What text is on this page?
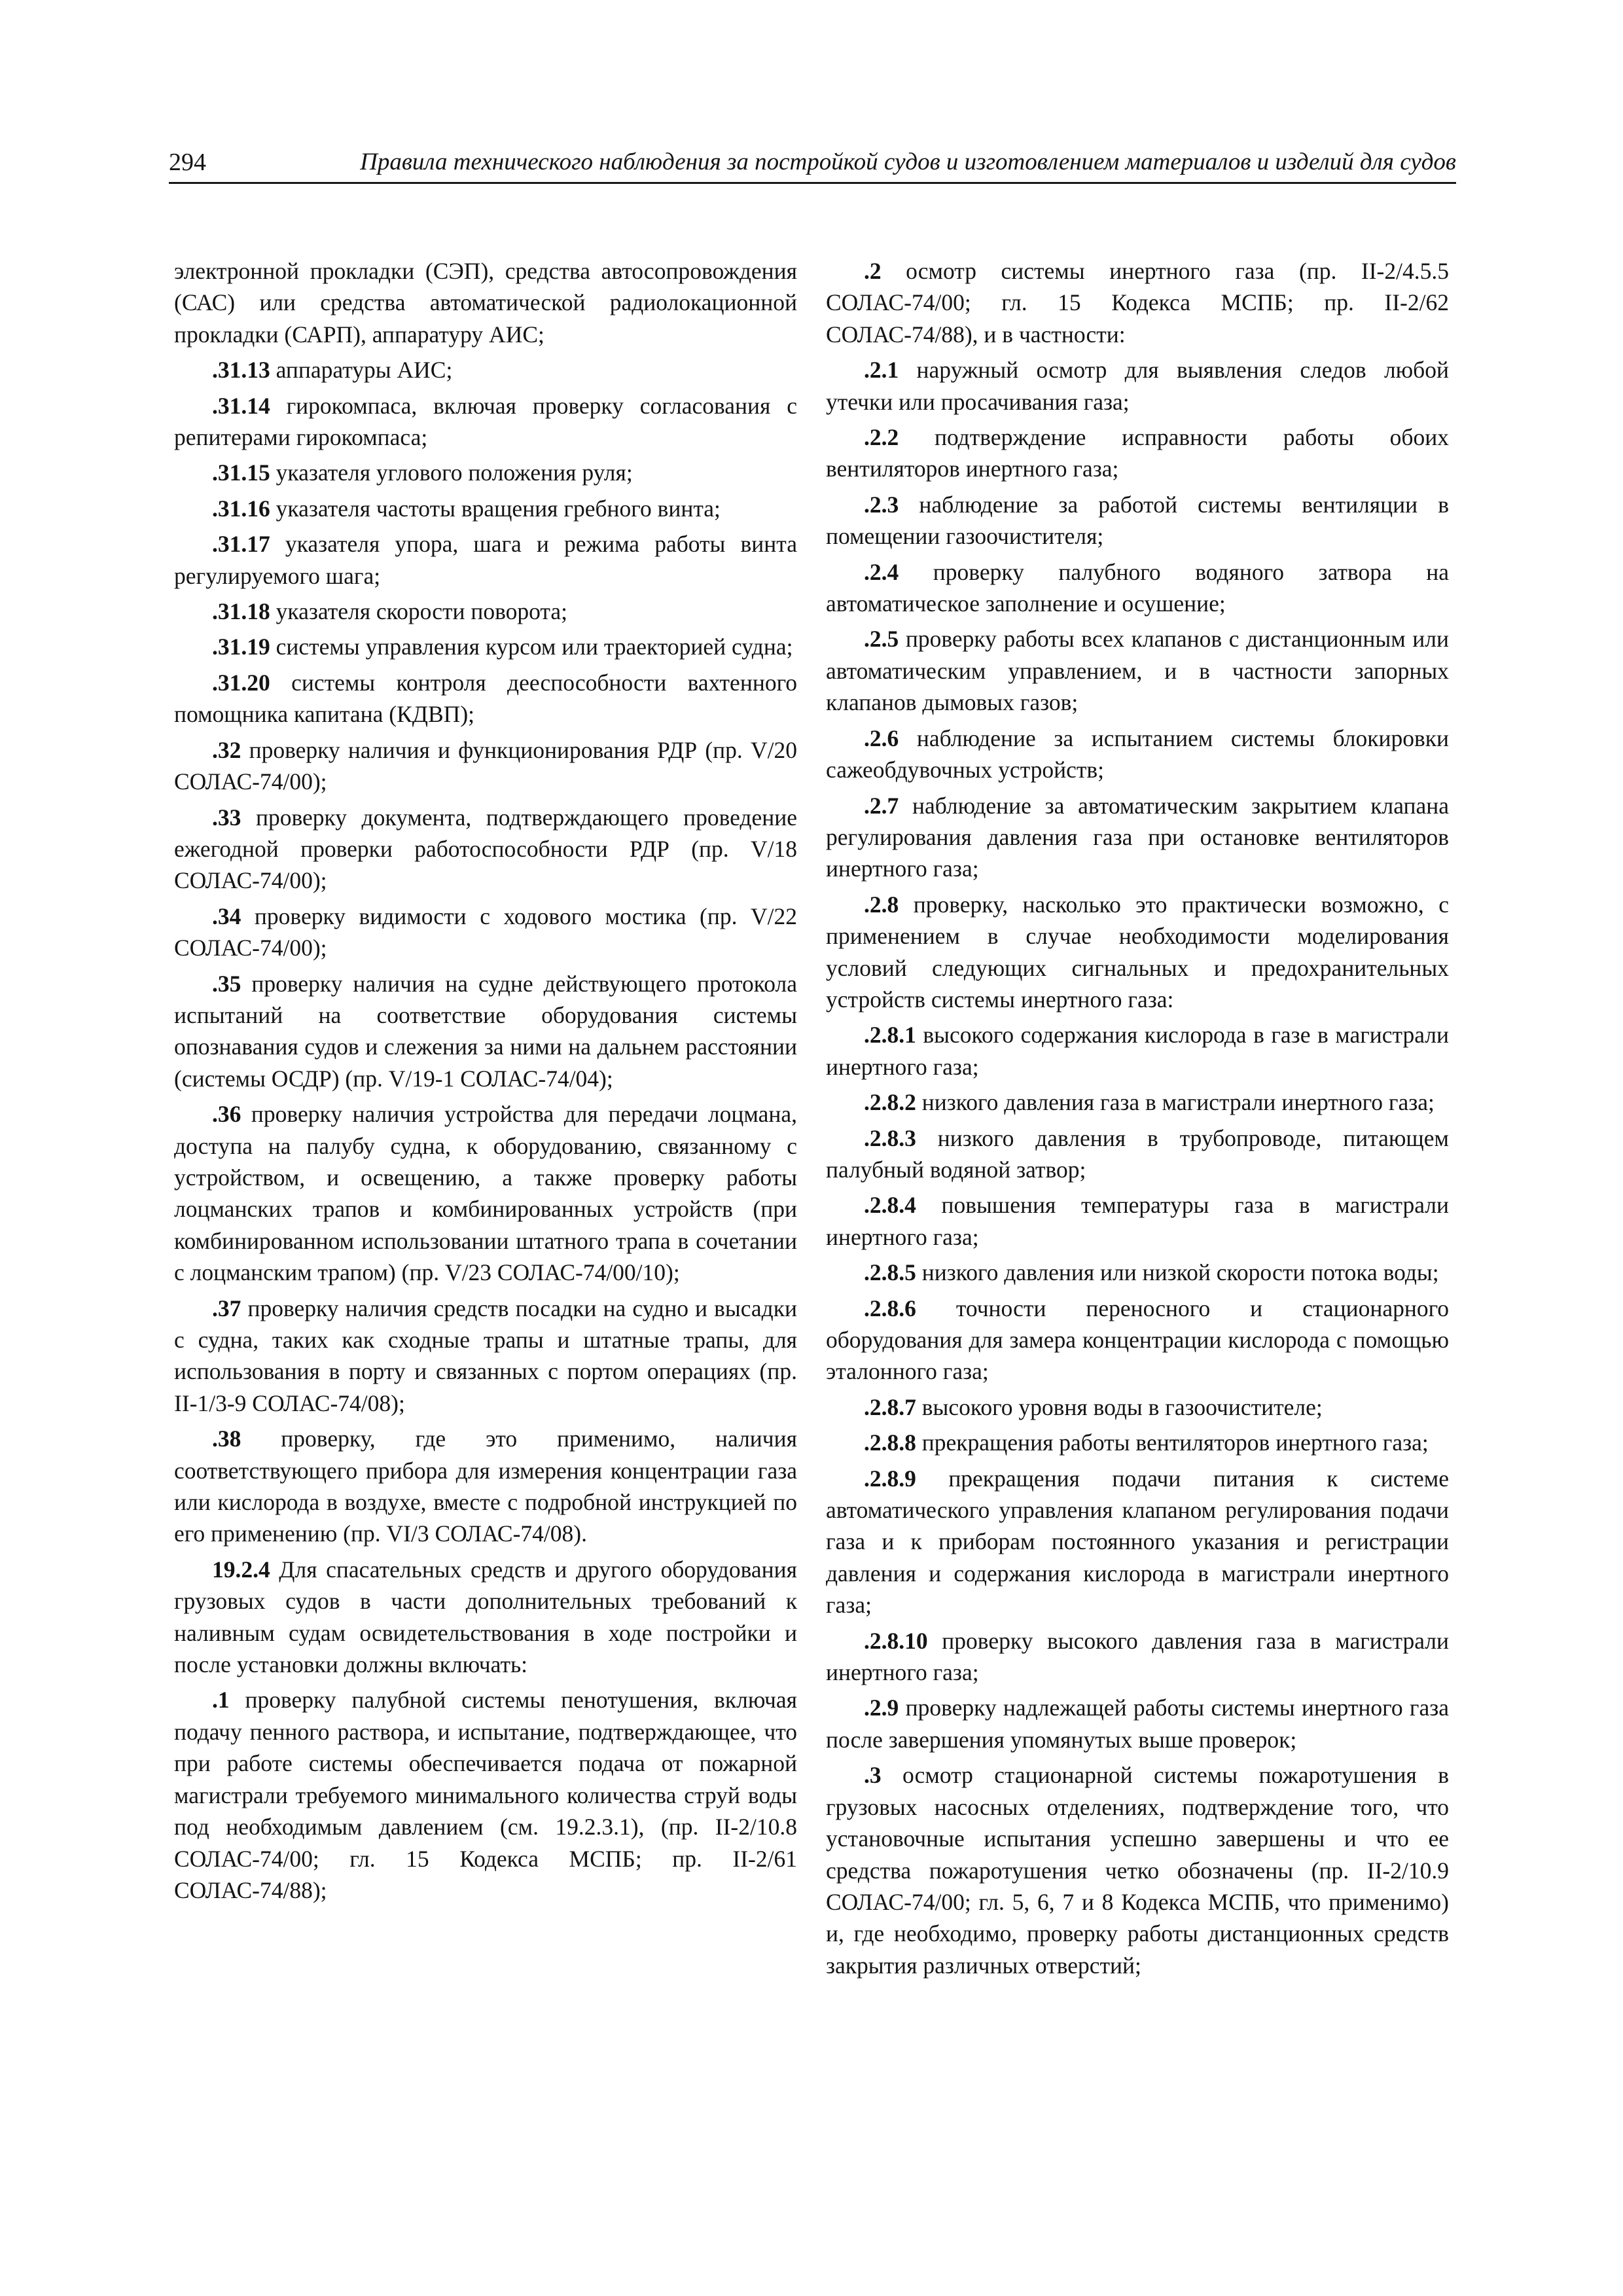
294	Правила технического наблюдения за постройкой судов и изготовлением материалов и изделий для судов

электронной прокладки (СЭП), средства автосопровождения (САС) или средства автоматической радиолокационной прокладки (САРП), аппаратуру АИС;

.31.13 аппаратуры АИС;

.31.14 гирокомпаса, включая проверку согласования с репитерами гирокомпаса;

.31.15 указателя углового положения руля;

.31.16 указателя частоты вращения гребного винта;

.31.17 указателя упора, шага и режима работы винта регулируемого шага;

.31.18 указателя скорости поворота;

.31.19 системы управления курсом или траекторией судна;

.31.20 системы контроля дееспособности вахтенного помощника капитана (КДВП);

.32 проверку наличия и функционирования РДР (пр. V/20 СОЛАС-74/00);

.33 проверку документа, подтверждающего проведение ежегодной проверки работоспособности РДР (пр. V/18 СОЛАС-74/00);

.34 проверку видимости с ходового мостика (пр. V/22 СОЛАС-74/00);

.35 проверку наличия на судне действующего протокола испытаний на соответствие оборудования системы опознавания судов и слежения за ними на дальнем расстоянии (системы ОСДР) (пр. V/19-1 СОЛАС-74/04);

.36 проверку наличия устройства для передачи лоцмана, доступа на палубу судна, к оборудованию, связанному с устройством, и освещению, а также проверку работы лоцманских трапов и комбинированных устройств (при комбинированном использовании штатного трапа в сочетании с лоцманским трапом) (пр. V/23 СОЛАС-74/00/10);

.37 проверку наличия средств посадки на судно и высадки с судна, таких как сходные трапы и штатные трапы, для использования в порту и связанных с портом операциях (пр. II-1/3-9 СОЛАС-74/08);

.38 проверку, где это применимо, наличия соответствующего прибора для измерения концентрации газа или кислорода в воздухе, вместе с подробной инструкцией по его применению (пр. VI/3 СОЛАС-74/08).

19.2.4 Для спасательных средств и другого оборудования грузовых судов в части дополнительных требований к наливным судам освидетельствования в ходе постройки и после установки должны включать:

.1 проверку палубной системы пенотушения, включая подачу пенного раствора, и испытание, подтверждающее, что при работе системы обеспечивается подача от пожарной магистрали требуемого минимального количества струй воды под необходимым давлением (см. 19.2.3.1), (пр. II-2/10.8 СОЛАС-74/00; гл. 15 Кодекса МСПБ; пр. II-2/61 СОЛАС-74/88);

.2 осмотр системы инертного газа (пр. II-2/4.5.5 СОЛАС-74/00; гл. 15 Кодекса МСПБ; пр. II-2/62 СОЛАС-74/88), и в частности:

.2.1 наружный осмотр для выявления следов любой утечки или просачивания газа;

.2.2 подтверждение исправности работы обоих вентиляторов инертного газа;

.2.3 наблюдение за работой системы вентиляции в помещении газоочистителя;

.2.4 проверку палубного водяного затвора на автоматическое заполнение и осушение;

.2.5 проверку работы всех клапанов с дистанционным или автоматическим управлением, и в частности запорных клапанов дымовых газов;

.2.6 наблюдение за испытанием системы блокировки сажеобдувочных устройств;

.2.7 наблюдение за автоматическим закрытием клапана регулирования давления газа при остановке вентиляторов инертного газа;

.2.8 проверку, насколько это практически возможно, с применением в случае необходимости моделирования условий следующих сигнальных и предохранительных устройств системы инертного газа:

.2.8.1 высокого содержания кислорода в газе в магистрали инертного газа;

.2.8.2 низкого давления газа в магистрали инертного газа;

.2.8.3 низкого давления в трубопроводе, питающем палубный водяной затвор;

.2.8.4 повышения температуры газа в магистрали инертного газа;

.2.8.5 низкого давления или низкой скорости потока воды;

.2.8.6 точности переносного и стационарного оборудования для замера концентрации кислорода с помощью эталонного газа;

.2.8.7 высокого уровня воды в газоочистителе;

.2.8.8 прекращения работы вентиляторов инертного газа;

.2.8.9 прекращения подачи питания к системе автоматического управления клапаном регулирования подачи газа и к приборам постоянного указания и регистрации давления и содержания кислорода в магистрали инертного газа;

.2.8.10 проверку высокого давления газа в магистрали инертного газа;

.2.9 проверку надлежащей работы системы инертного газа после завершения упомянутых выше проверок;

.3 осмотр стационарной системы пожаротушения в грузовых насосных отделениях, подтверждение того, что установочные испытания успешно завершены и что ее средства пожаротушения четко обозначены (пр. II-2/10.9 СОЛАС-74/00; гл. 5, 6, 7 и 8 Кодекса МСПБ, что применимо) и, где необходимо, проверку работы дистанционных средств закрытия различных отверстий;
